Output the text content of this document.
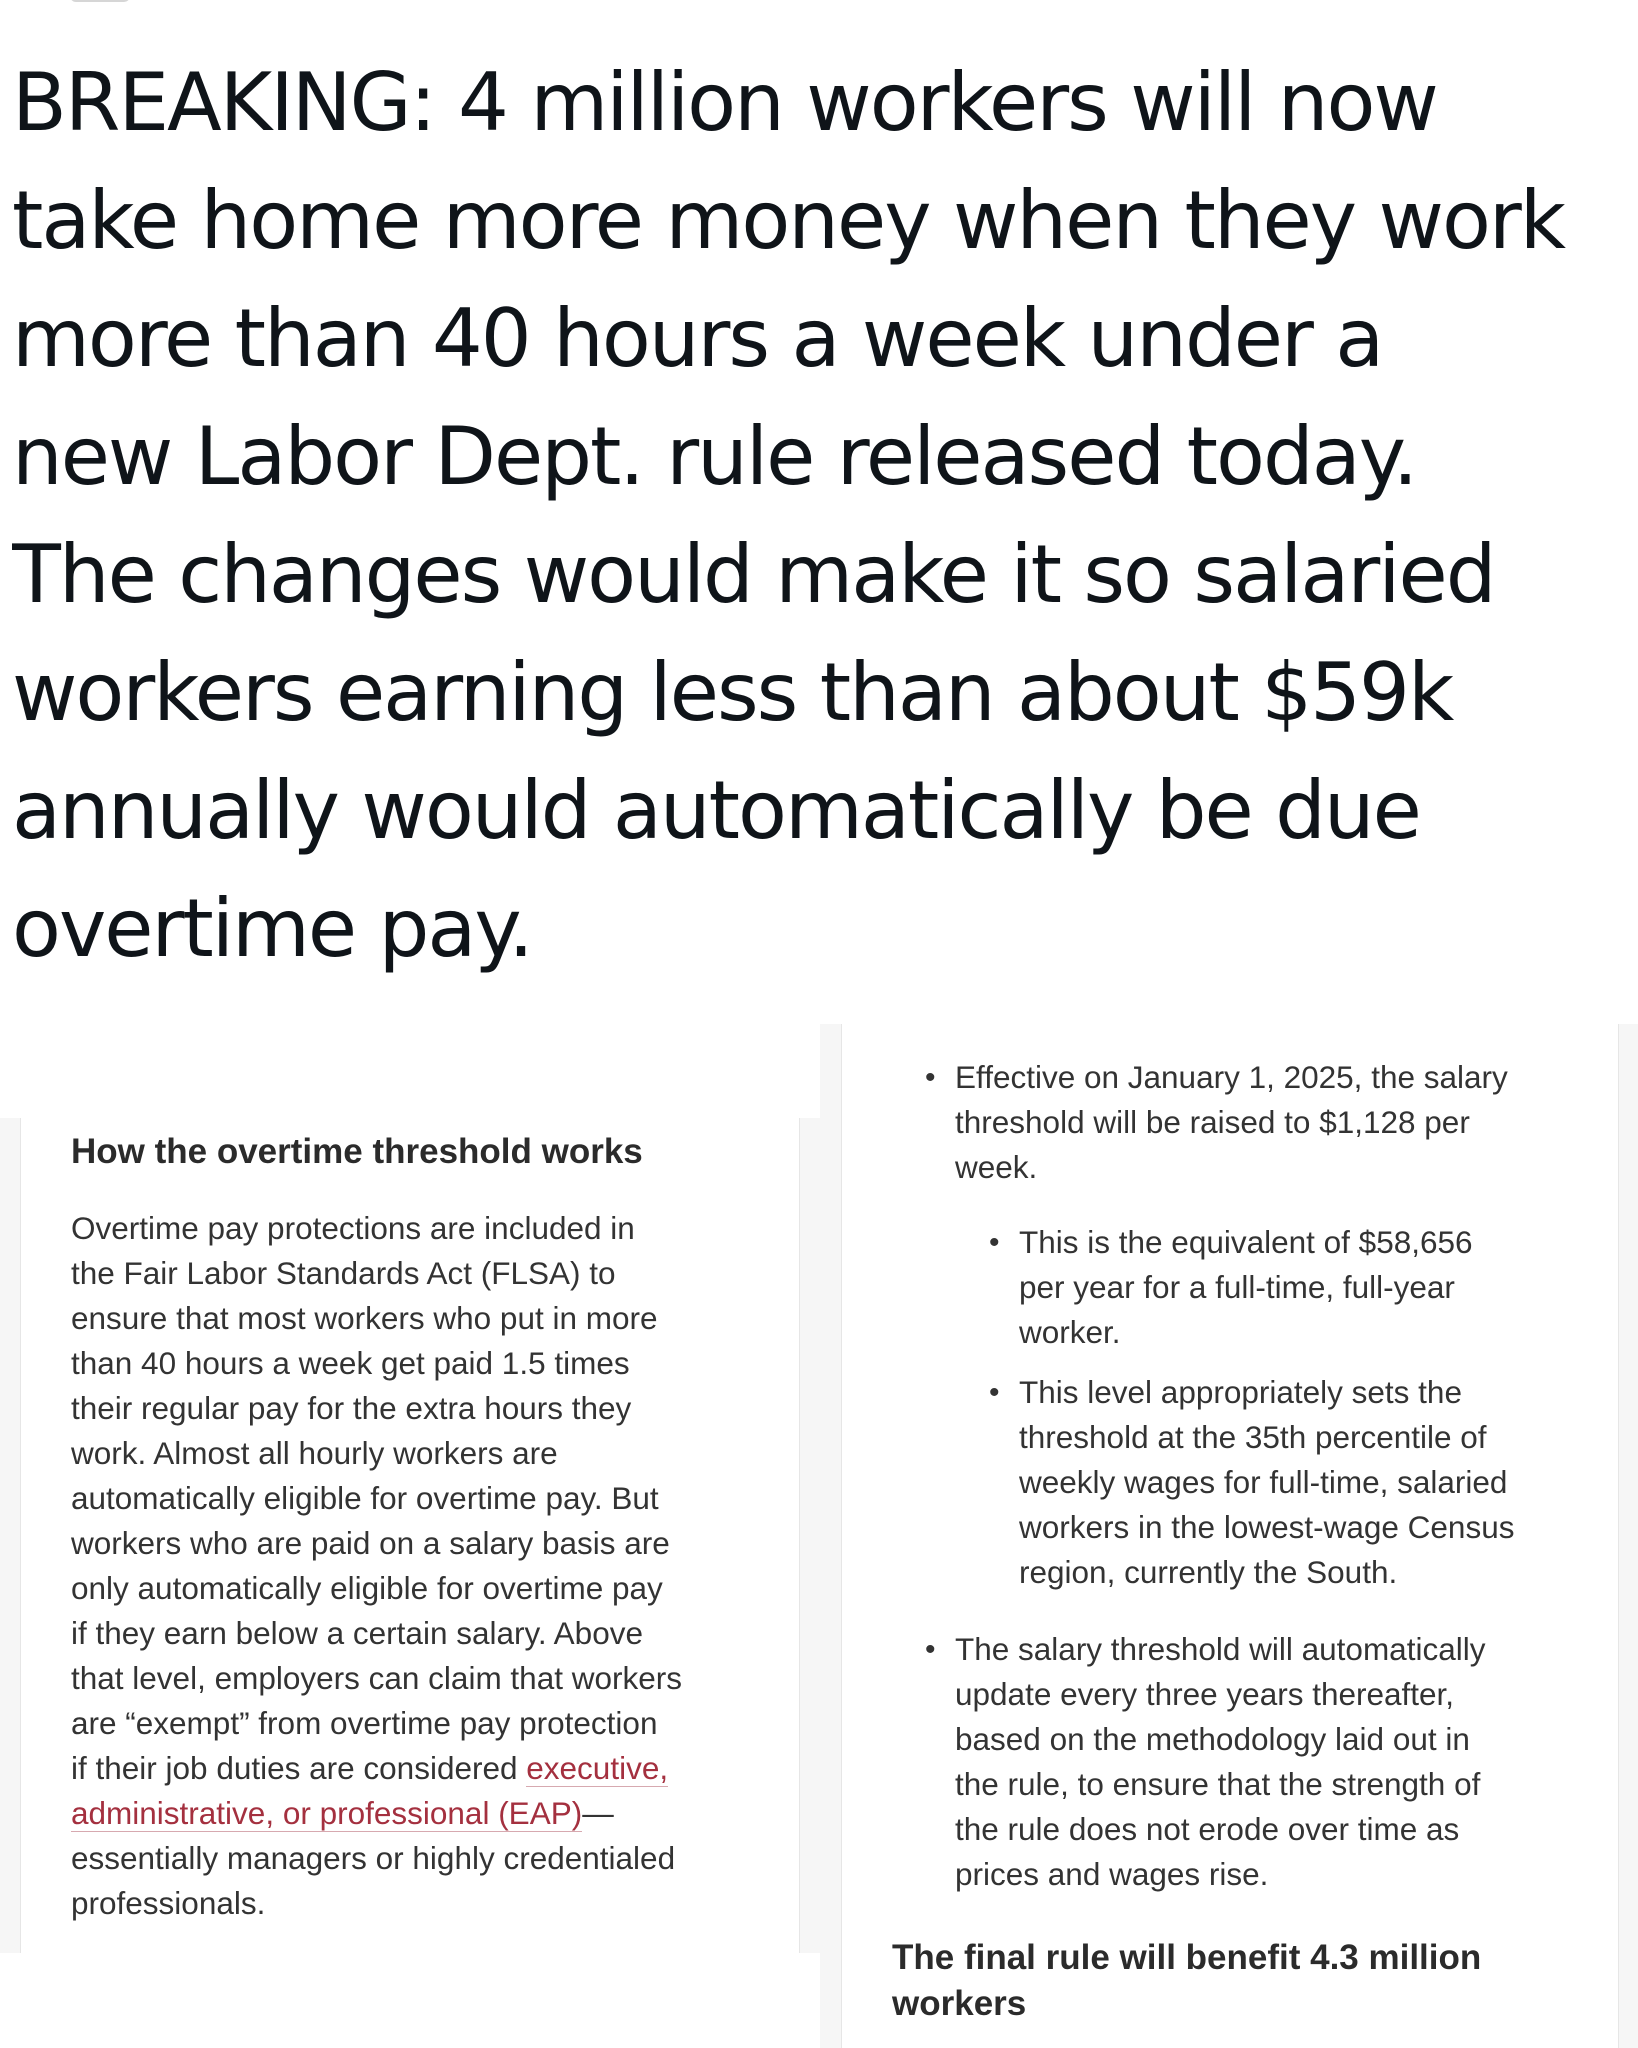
BREAKING: 4 million workers will now
take home more money when they work
more than 40 hours a week under a
new Labor Dept. rule released today.
The changes would make it so salaried
workers earning less than about $59k
annually would automatically be due
overtime pay.

How the overtime threshold works

Overtime pay protections are included in
the Fair Labor Standards Act (FLSA) to
ensure that most workers who put in more
than 40 hours a week get paid 1.5 times
their regular pay for the extra hours they
work. Almost all hourly workers are
automatically eligible for overtime pay. But
workers who are paid on a salary basis are
only automatically eligible for overtime pay
if they earn below a certain salary. Above
that level, employers can claim that workers
are “exempt” from overtime pay protection
if their job duties are considered executive,
administrative, or professional (EAP)—
essentially managers or highly credentialed
professionals.

• Effective on January 1, 2025, the salary
threshold will be raised to $1,128 per
week.

• This is the equivalent of $58,656
per year for a full-time, full-year
worker.

• This level appropriately sets the
threshold at the 35th percentile of
weekly wages for full-time, salaried
workers in the lowest-wage Census
region, currently the South.

• The salary threshold will automatically
update every three years thereafter,
based on the methodology laid out in
the rule, to ensure that the strength of
the rule does not erode over time as
prices and wages rise.

The final rule will benefit 4.3 million
workers
